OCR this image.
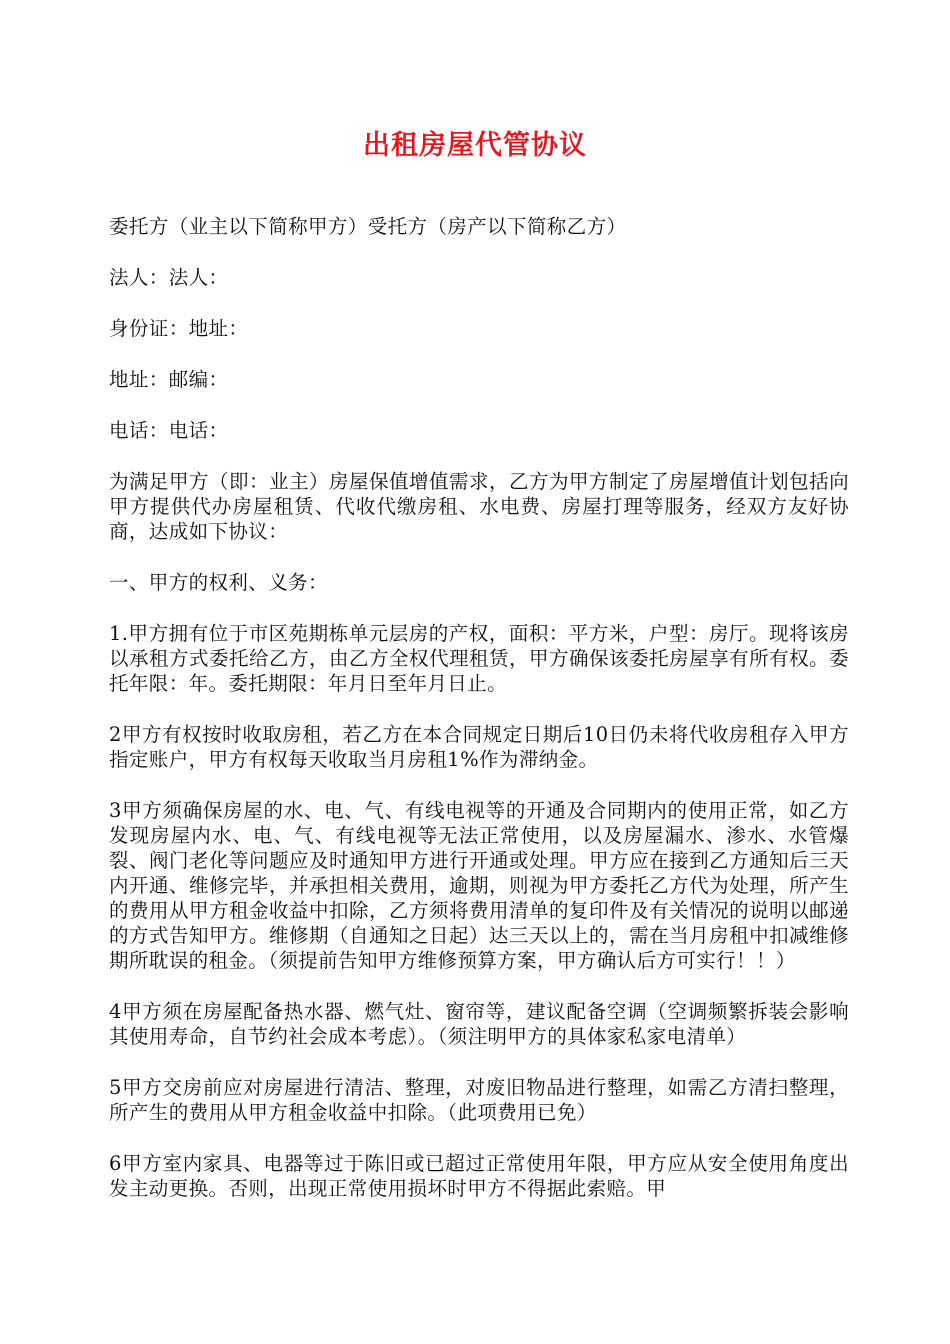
出租房屋代管协议

委托方（业主以下简称甲方）受托方（房产以下简称乙方）

法人：法人：

身份证：地址：

地址：邮编：

电话：电话：

为满足甲方（即：业主）房屋保值增值需求，乙方为甲方制定了房屋增值计划包括向甲方提供代办房屋租赁、代收代缴房租、水电费、房屋打理等服务，经双方友好协商，达成如下协议：

一、甲方的权利、义务：

1.甲方拥有位于市区苑期栋单元层房的产权，面积：平方米，户型：房厅。现将该房以承租方式委托给乙方，由乙方全权代理租赁，甲方确保该委托房屋享有所有权。委托年限：年。委托期限：年月日至年月日止。

2甲方有权按时收取房租，若乙方在本合同规定日期后10日仍未将代收房租存入甲方指定账户，甲方有权每天收取当月房租1%作为滞纳金。

3甲方须确保房屋的水、电、气、有线电视等的开通及合同期内的使用正常，如乙方发现房屋内水、电、气、有线电视等无法正常使用，以及房屋漏水、渗水、水管爆裂、阀门老化等问题应及时通知甲方进行开通或处理。甲方应在接到乙方通知后三天内开通、维修完毕，并承担相关费用，逾期，则视为甲方委托乙方代为处理，所产生的费用从甲方租金收益中扣除，乙方须将费用清单的复印件及有关情况的说明以邮递的方式告知甲方。维修期（自通知之日起）达三天以上的，需在当月房租中扣减维修期所耽误的租金。（须提前告知甲方维修预算方案，甲方确认后方可实行！！）

4甲方须在房屋配备热水器、燃气灶、窗帘等，建议配备空调（空调频繁拆装会影响其使用寿命，自节约社会成本考虑）。（须注明甲方的具体家私家电清单）

5甲方交房前应对房屋进行清洁、整理，对废旧物品进行整理，如需乙方清扫整理，所产生的费用从甲方租金收益中扣除。（此项费用已免）

6甲方室内家具、电器等过于陈旧或已超过正常使用年限，甲方应从安全使用角度出发主动更换。否则，出现正常使用损坏时甲方不得据此索赔。甲
